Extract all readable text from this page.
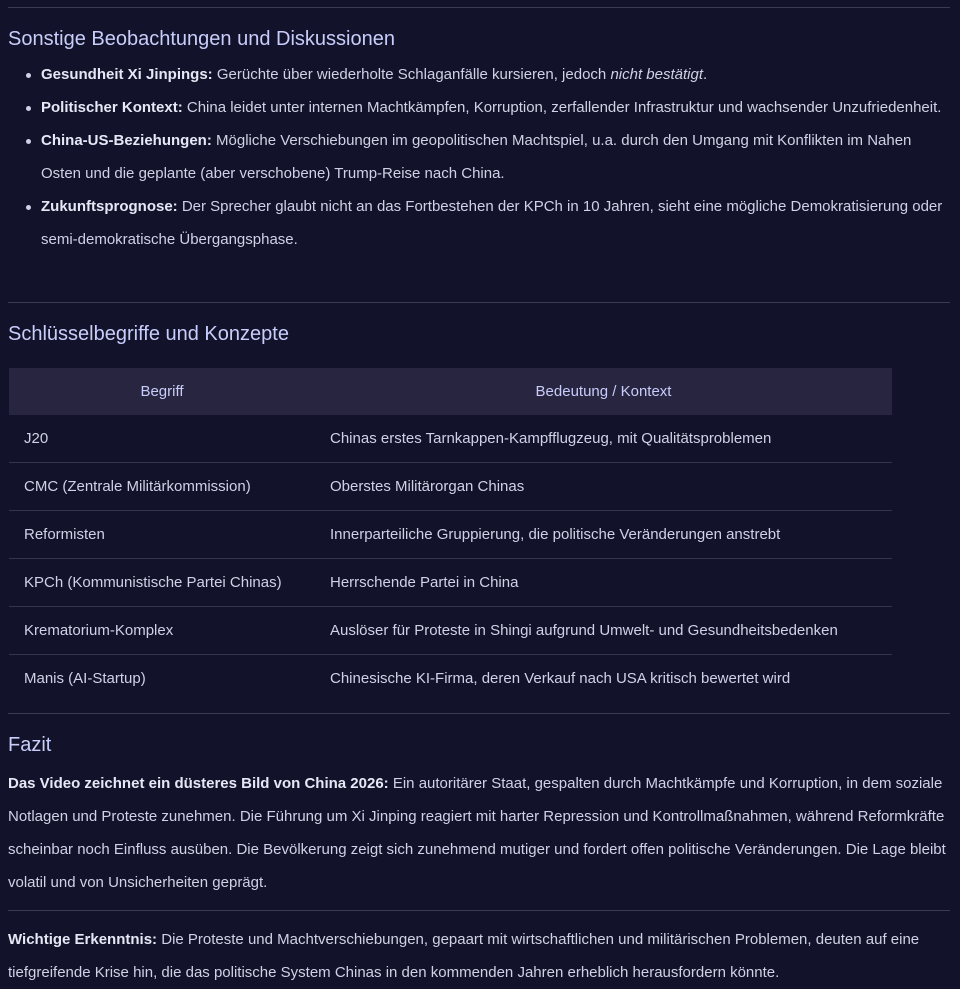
Sonstige Beobachtungen und Diskussionen
Gesundheit Xi Jinpings: Gerüchte über wiederholte Schlaganfälle kursieren, jedoch nicht bestätigt.
Politischer Kontext: China leidet unter internen Machtkämpfen, Korruption, zerfallender Infrastruktur und wachsender Unzufriedenheit.
China-US-Beziehungen: Mögliche Verschiebungen im geopolitischen Machtspiel, u.a. durch den Umgang mit Konflikten im Nahen Osten und die geplante (aber verschobene) Trump-Reise nach China.
Zukunftsprognose: Der Sprecher glaubt nicht an das Fortbestehen der KPCh in 10 Jahren, sieht eine mögliche Demokratisierung oder semi-demokratische Übergangsphase.
Schlüsselbegriffe und Konzepte
Begriff	Bedeutung / Kontext
J20	Chinas erstes Tarnkappen-Kampfflugzeug, mit Qualitätsproblemen
CMC (Zentrale Militärkommission)	Oberstes Militärorgan Chinas
Reformisten	Innerparteiliche Gruppierung, die politische Veränderungen anstrebt
KPCh (Kommunistische Partei Chinas)	Herrschende Partei in China
Krematorium-Komplex	Auslöser für Proteste in Shingi aufgrund Umwelt- und Gesundheitsbedenken
Manis (AI-Startup)	Chinesische KI-Firma, deren Verkauf nach USA kritisch bewertet wird
Fazit

Das Video zeichnet ein düsteres Bild von China 2026: Ein autoritärer Staat, gespalten durch Machtkämpfe und Korruption, in dem soziale Notlagen und Proteste zunehmen. Die Führung um Xi Jinping reagiert mit harter Repression und Kontrollmaßnahmen, während Reformkräfte scheinbar noch Einfluss ausüben. Die Bevölkerung zeigt sich zunehmend mutiger und fordert offen politische Veränderungen. Die Lage bleibt volatil und von Unsicherheiten geprägt.

Wichtige Erkenntnis: Die Proteste und Machtverschiebungen, gepaart mit wirtschaftlichen und militärischen Problemen, deuten auf eine tiefgreifende Krise hin, die das politische System Chinas in den kommenden Jahren erheblich herausfordern könnte.
